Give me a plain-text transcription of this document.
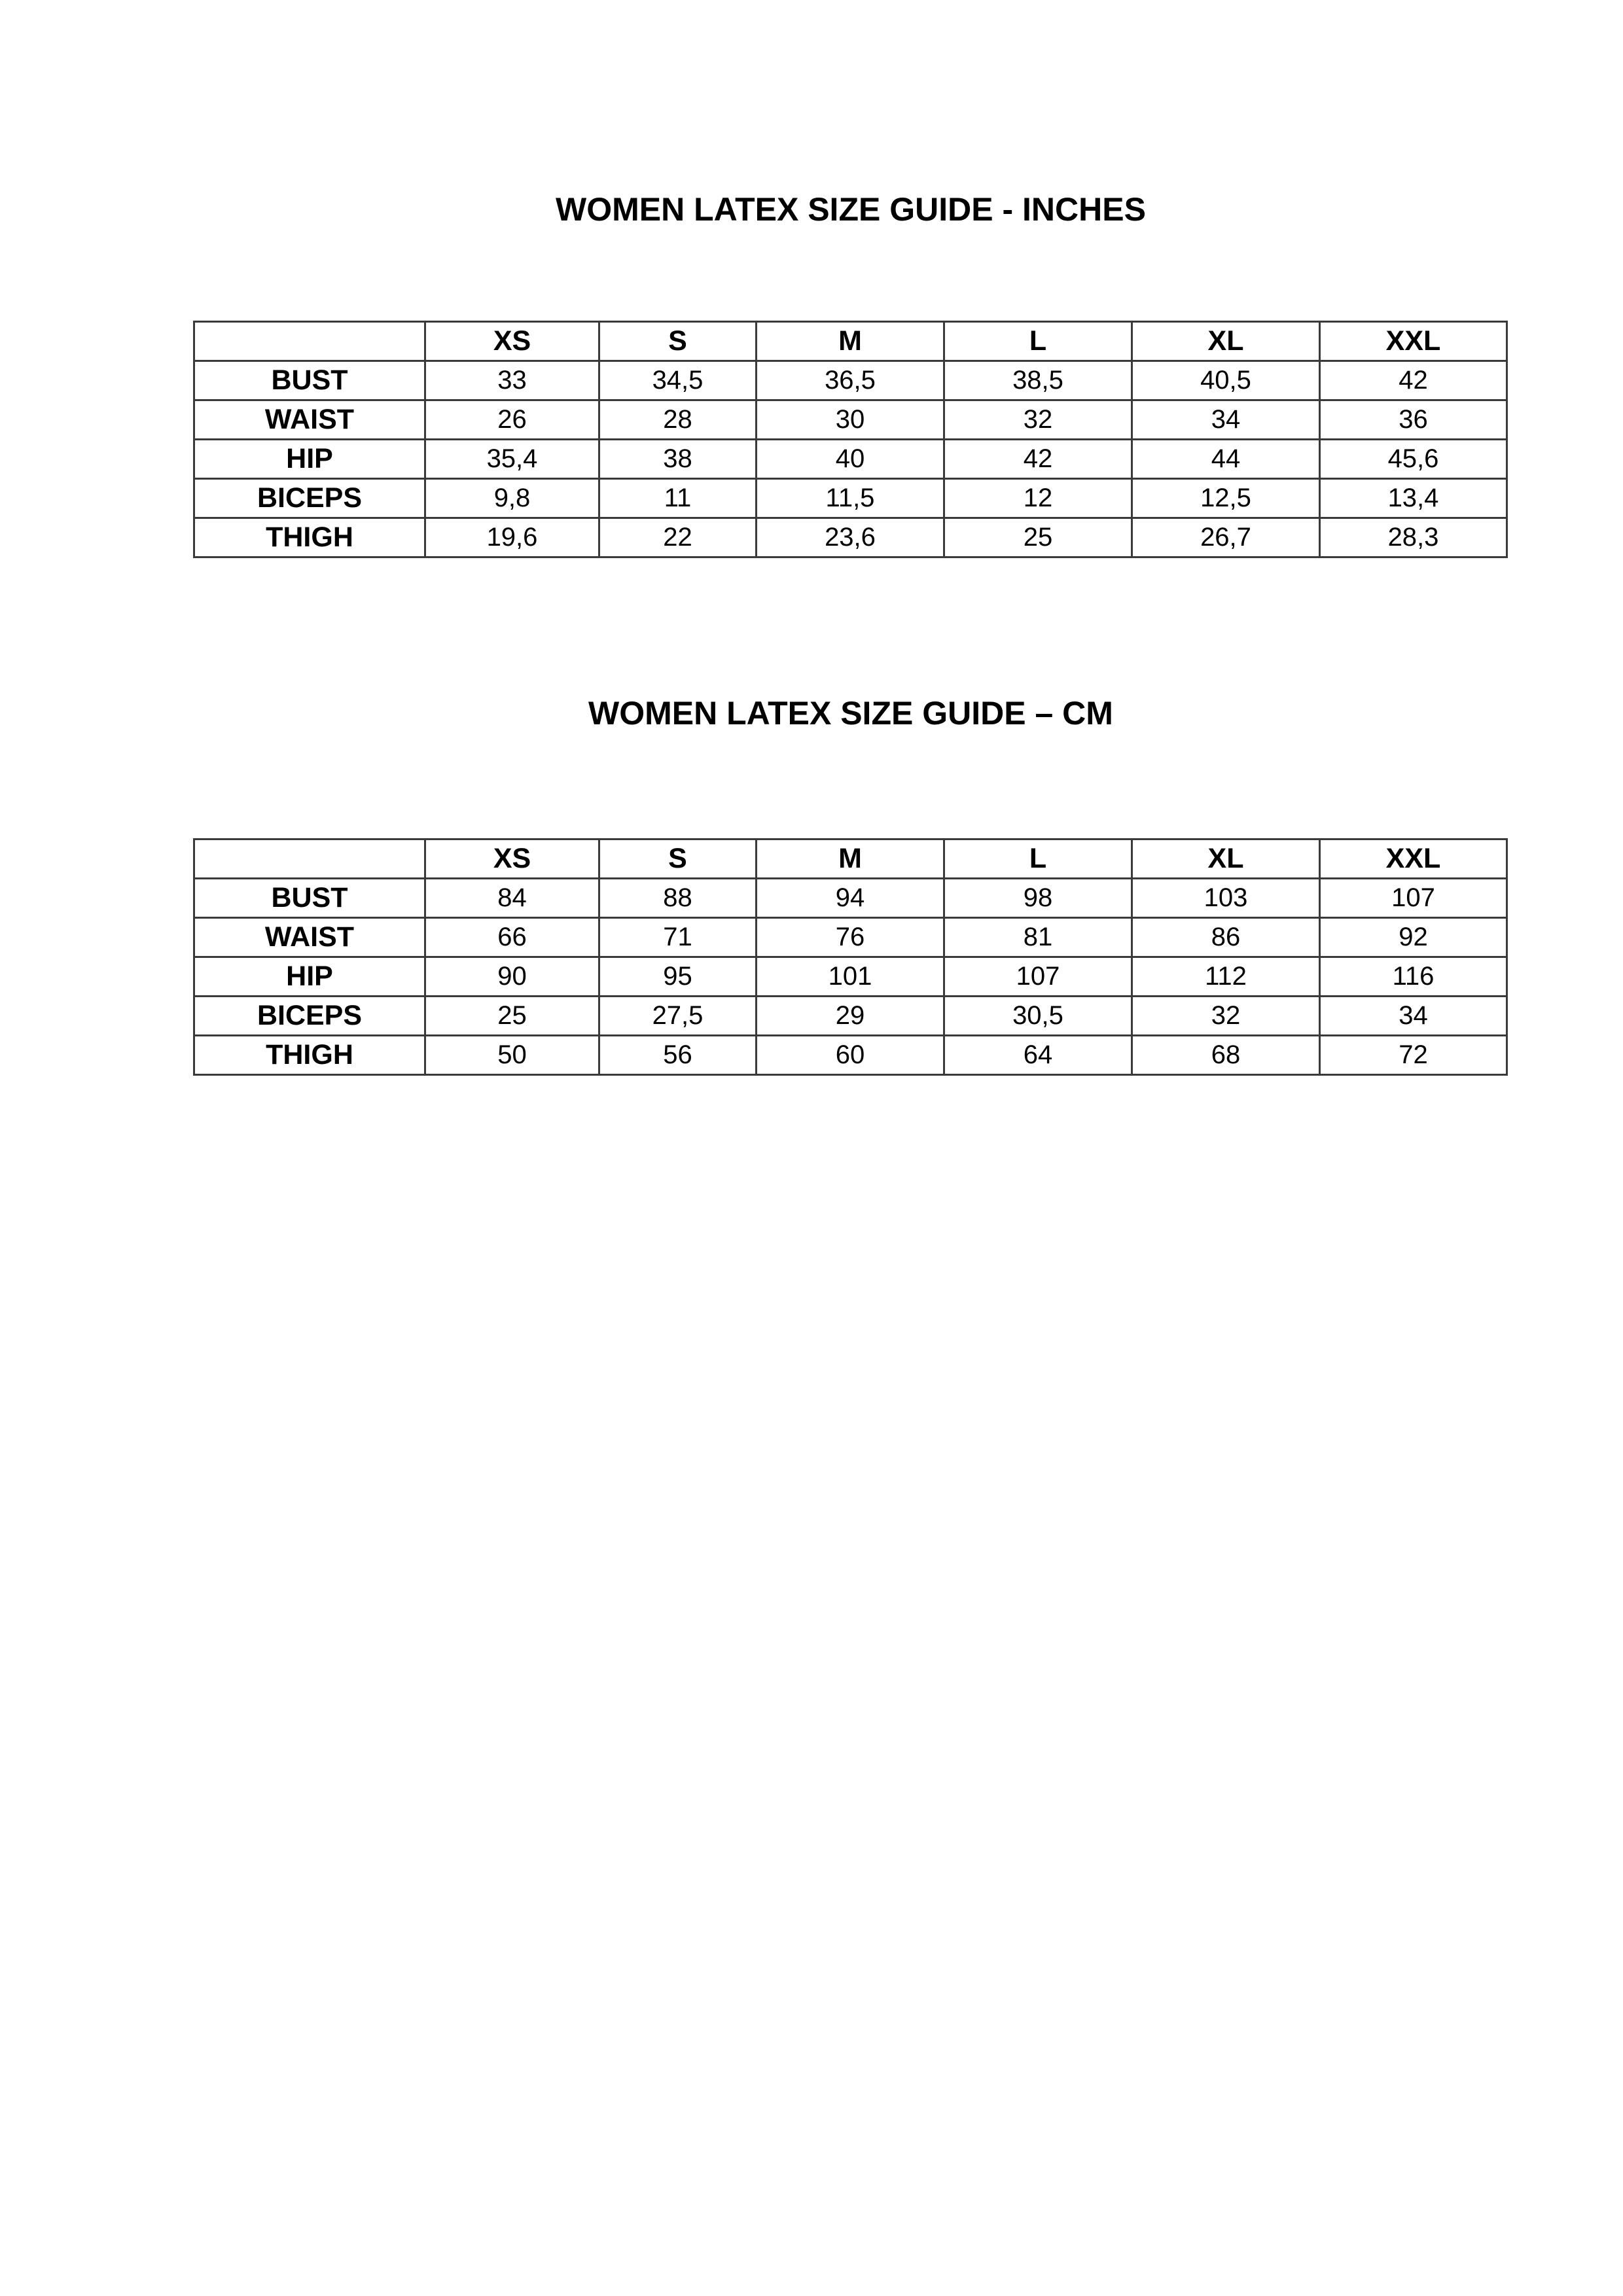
WOMEN LATEX SIZE GUIDE - INCHES
	XS	S	M	L	XL	XXL
BUST	33	34,5	36,5	38,5	40,5	42
WAIST	26	28	30	32	34	36
HIP	35,4	38	40	42	44	45,6
BICEPS	9,8	11	11,5	12	12,5	13,4
THIGH	19,6	22	23,6	25	26,7	28,3
WOMEN LATEX SIZE GUIDE – CM
	XS	S	M	L	XL	XXL
BUST	84	88	94	98	103	107
WAIST	66	71	76	81	86	92
HIP	90	95	101	107	112	116
BICEPS	25	27,5	29	30,5	32	34
THIGH	50	56	60	64	68	72
